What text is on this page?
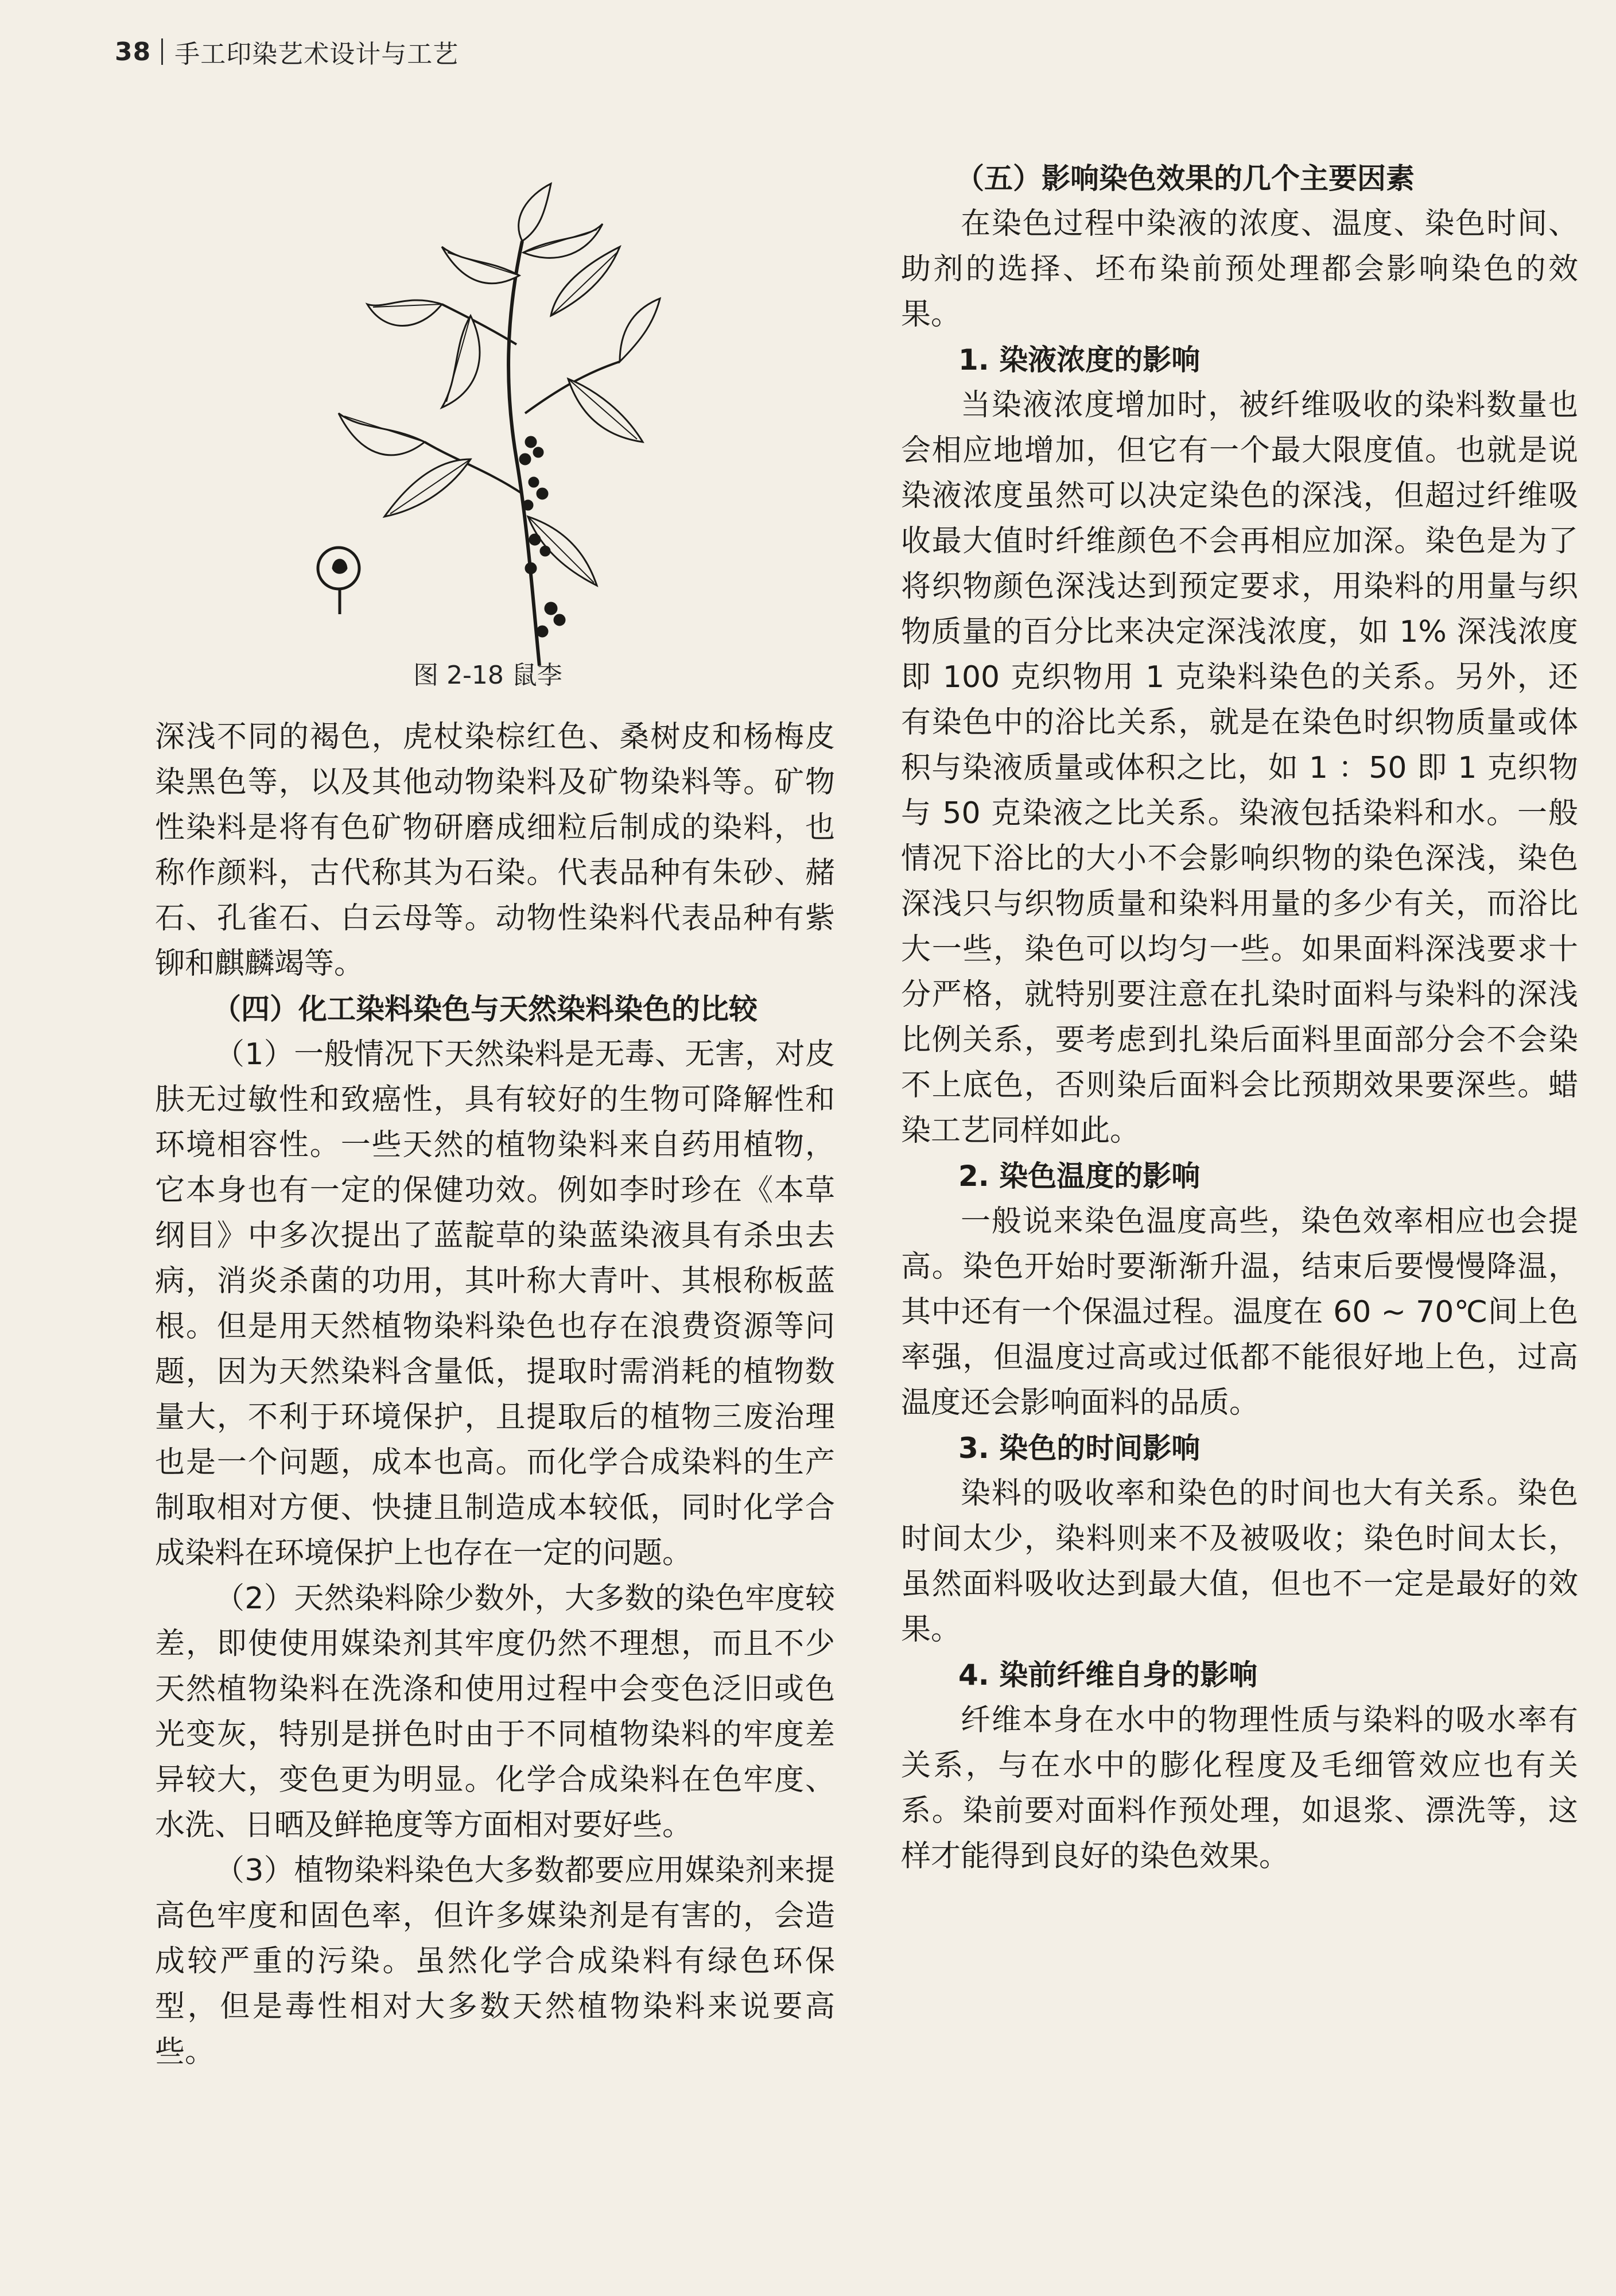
38 手工印染艺术设计与工艺
图 2-18 鼠李

深浅不同的褐色，虎杖染棕红色、桑树皮和杨梅皮染黑色等，以及其他动物染料及矿物染料等。矿物性染料是将有色矿物研磨成细粒后制成的染料，也称作颜料，古代称其为石染。代表品种有朱砂、赭石、孔雀石、白云母等。动物性染料代表品种有紫铆和麒麟竭等。

（四）化工染料染色与天然染料染色的比较

（1）一般情况下天然染料是无毒、无害，对皮肤无过敏性和致癌性，具有较好的生物可降解性和环境相容性。一些天然的植物染料来自药用植物，它本身也有一定的保健功效。例如李时珍在《本草纲目》中多次提出了蓝靛草的染蓝染液具有杀虫去病，消炎杀菌的功用，其叶称大青叶、其根称板蓝根。但是用天然植物染料染色也存在浪费资源等问题，因为天然染料含量低，提取时需消耗的植物数量大，不利于环境保护，且提取后的植物三废治理也是一个问题，成本也高。而化学合成染料的生产制取相对方便、快捷且制造成本较低，同时化学合成染料在环境保护上也存在一定的问题。

（2）天然染料除少数外，大多数的染色牢度较差，即使使用媒染剂其牢度仍然不理想，而且不少天然植物染料在洗涤和使用过程中会变色泛旧或色光变灰，特别是拼色时由于不同植物染料的牢度差异较大，变色更为明显。化学合成染料在色牢度、水洗、日晒及鲜艳度等方面相对要好些。

（3）植物染料染色大多数都要应用媒染剂来提高色牢度和固色率，但许多媒染剂是有害的，会造成较严重的污染。虽然化学合成染料有绿色环保型，但是毒性相对大多数天然植物染料来说要高些。

（五）影响染色效果的几个主要因素

在染色过程中染液的浓度、温度、染色时间、助剂的选择、坯布染前预处理都会影响染色的效果。

1. 染液浓度的影响

当染液浓度增加时，被纤维吸收的染料数量也会相应地增加，但它有一个最大限度值。也就是说染液浓度虽然可以决定染色的深浅，但超过纤维吸收最大值时纤维颜色不会再相应加深。染色是为了将织物颜色深浅达到预定要求，用染料的用量与织物质量的百分比来决定深浅浓度，如 1% 深浅浓度即 100 克织物用 1 克染料染色的关系。另外，还有染色中的浴比关系，就是在染色时织物质量或体积与染液质量或体积之比，如 1 ：50 即 1 克织物与 50 克染液之比关系。染液包括染料和水。一般情况下浴比的大小不会影响织物的染色深浅，染色深浅只与织物质量和染料用量的多少有关，而浴比大一些，染色可以均匀一些。如果面料深浅要求十分严格，就特别要注意在扎染时面料与染料的深浅比例关系，要考虑到扎染后面料里面部分会不会染不上底色，否则染后面料会比预期效果要深些。蜡染工艺同样如此。

2. 染色温度的影响

一般说来染色温度高些，染色效率相应也会提高。染色开始时要渐渐升温，结束后要慢慢降温，其中还有一个保温过程。温度在 60 ~ 70℃间上色率强，但温度过高或过低都不能很好地上色，过高温度还会影响面料的品质。

3. 染色的时间影响

染料的吸收率和染色的时间也大有关系。染色时间太少，染料则来不及被吸收；染色时间太长，虽然面料吸收达到最大值，但也不一定是最好的效果。

4. 染前纤维自身的影响

纤维本身在水中的物理性质与染料的吸水率有关系，与在水中的膨化程度及毛细管效应也有关系。染前要对面料作预处理，如退浆、漂洗等，这样才能得到良好的染色效果。
